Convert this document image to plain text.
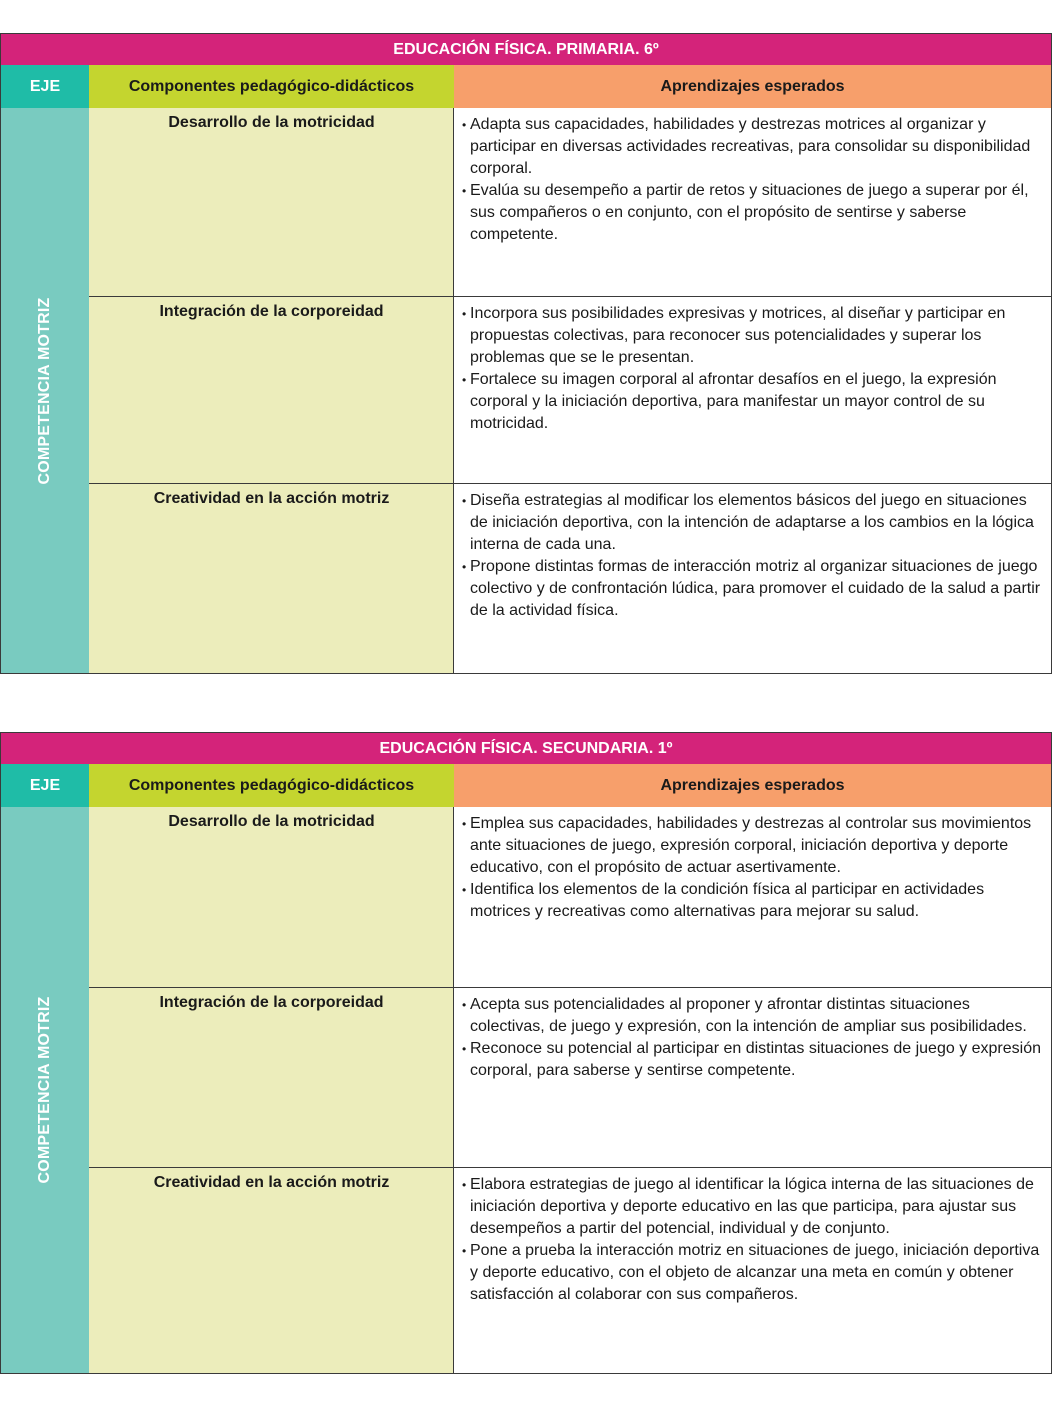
EDUCACIÓN FÍSICA. PRIMARIA. 6º
EJE	Componentes pedagógico-didácticos	Aprendizajes esperados
COMPETENCIA MOTRIZ
Desarrollo de la motricidad	• Adapta sus capacidades, habilidades y destrezas motrices al organizar y participar en diversas actividades recreativas, para consolidar su disponibilidad corporal.
• Evalúa su desempeño a partir de retos y situaciones de juego a superar por él, sus compañeros o en conjunto, con el propósito de sentirse y saberse competente.
Integración de la corporeidad	• Incorpora sus posibilidades expresivas y motrices, al diseñar y participar en propuestas colectivas, para reconocer sus potencialidades y superar los problemas que se le presentan.
• Fortalece su imagen corporal al afrontar desafíos en el juego, la expresión corporal y la iniciación deportiva, para manifestar un mayor control de su motricidad.
Creatividad en la acción motriz	• Diseña estrategias al modificar los elementos básicos del juego en situaciones de iniciación deportiva, con la intención de adaptarse a los cambios en la lógica interna de cada una.
• Propone distintas formas de interacción motriz al organizar situaciones de juego colectivo y de confrontación lúdica, para promover el cuidado de la salud a partir de la actividad física.
EDUCACIÓN FÍSICA. SECUNDARIA. 1º
EJE	Componentes pedagógico-didácticos	Aprendizajes esperados
COMPETENCIA MOTRIZ
Desarrollo de la motricidad	• Emplea sus capacidades, habilidades y destrezas al controlar sus movimientos ante situaciones de juego, expresión corporal, iniciación deportiva y deporte educativo, con el propósito de actuar asertivamente.
• Identifica los elementos de la condición física al participar en actividades motrices y recreativas como alternativas para mejorar su salud.
Integración de la corporeidad	• Acepta sus potencialidades al proponer y afrontar distintas situaciones colectivas, de juego y expresión, con la intención de ampliar sus posibilidades.
• Reconoce su potencial al participar en distintas situaciones de juego y expresión corporal, para saberse y sentirse competente.
Creatividad en la acción motriz	• Elabora estrategias de juego al identificar la lógica interna de las situaciones de iniciación deportiva y deporte educativo en las que participa, para ajustar sus desempeños a partir del potencial, individual y de conjunto.
• Pone a prueba la interacción motriz en situaciones de juego, iniciación deportiva y deporte educativo, con el objeto de alcanzar una meta en común y obtener satisfacción al colaborar con sus compañeros.
